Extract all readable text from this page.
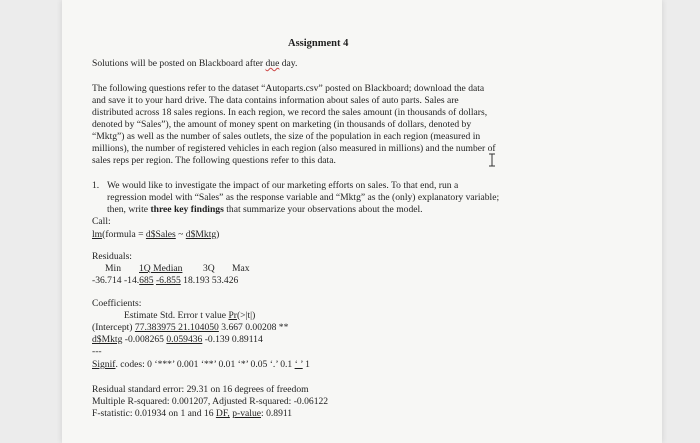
Assignment 4
Solutions will be posted on Blackboard after due day.
The following questions refer to the dataset “Autoparts.csv” posted on Blackboard; download the data
and save it to your hard drive. The data contains information about sales of auto parts. Sales are
distributed across 18 sales regions. In each region, we record the sales amount (in thousands of dollars,
denoted by “Sales”), the amount of money spent on marketing (in thousands of dollars, denoted by
“Mktg”) as well as the number of sales outlets, the size of the population in each region (measured in
millions), the number of registered vehicles in each region (also measured in millions) and the number of
sales reps per region. The following questions refer to this data.
1. We would like to investigate the impact of our marketing efforts on sales. To that end, run a
regression model with “Sales” as the response variable and “Mktg” as the (only) explanatory variable;
then, write three key findings that summarize your observations about the model.
Call:
lm(formula = d$Sales ~ d$Mktg)
Residuals:
Min 1Q Median 3Q Max
-36.714 -14.685 -6.855 18.193 53.426
Coefficients:
Estimate Std. Error t value Pr(>|t|)
(Intercept) 77.383975 21.104050 3.667 0.00208 **
d$Mktg -0.008265 0.059436 -0.139 0.89114
---
Signif. codes: 0 ‘***’ 0.001 ‘**’ 0.01 ‘*’ 0.05 ‘.’ 0.1 ‘ ’ 1
Residual standard error: 29.31 on 16 degrees of freedom
Multiple R-squared: 0.001207, Adjusted R-squared: -0.06122
F-statistic: 0.01934 on 1 and 16 DF, p-value: 0.8911
